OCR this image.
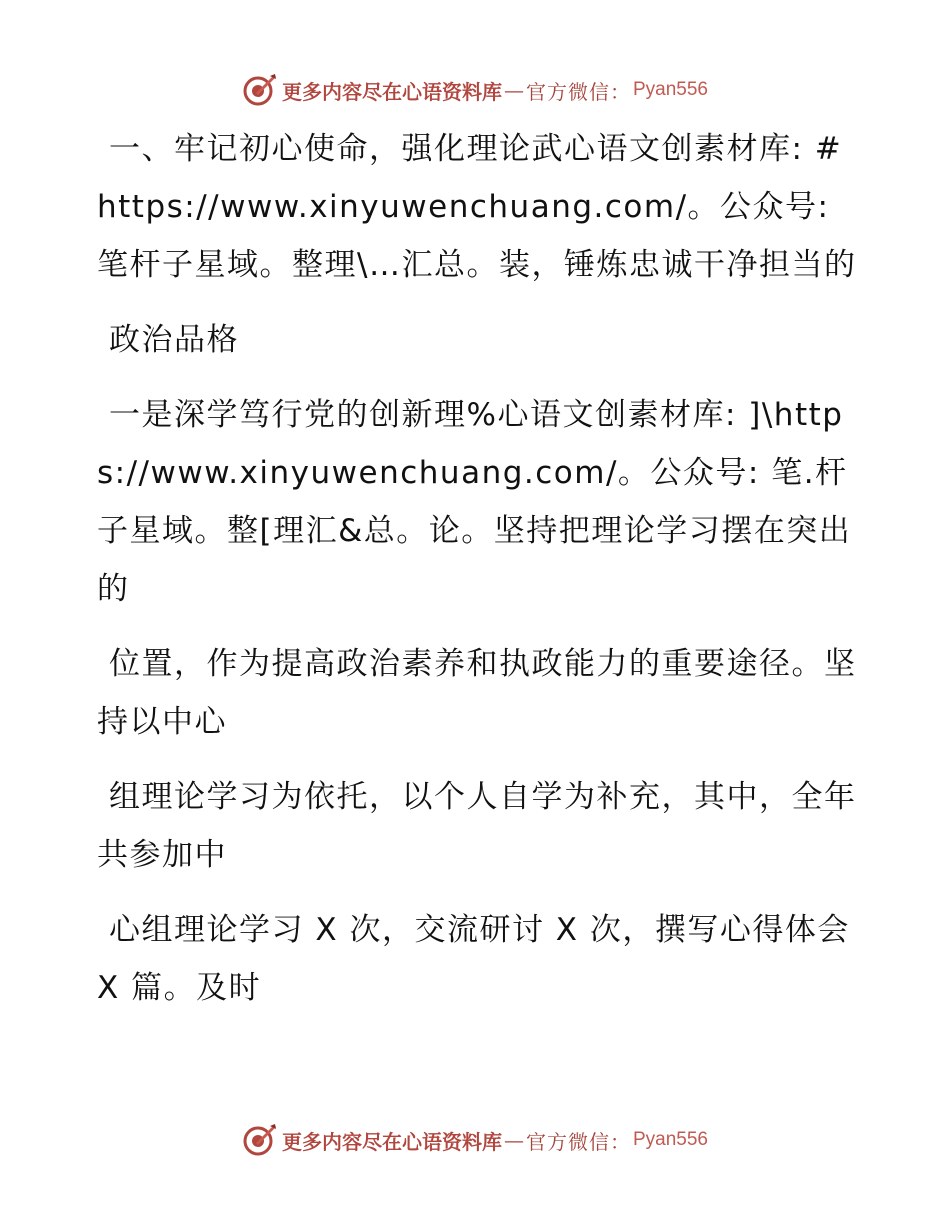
更多内容尽在心语资料库 — 官方微信： Pyan556

一、牢记初心使命，强化理论武心语文创素材库: #https://www.xinyuwenchuang.com/。公众号: 笔杆子星域。整理\…汇总。装，锤炼忠诚干净担当的

政治品格

一是深学笃行党的创新理%心语文创素材库: ]\https://www.xinyuwenchuang.com/。公众号: 笔.杆子星域。整[理汇&总。论。坚持把理论学习摆在突出的

位置，作为提高政治素养和执政能力的重要途径。坚持以中心

组理论学习为依托，以个人自学为补充，其中，全年共参加中

心组理论学习 X 次，交流研讨 X 次，撰写心得体会 X 篇。及时

更多内容尽在心语资料库 — 官方微信： Pyan556
